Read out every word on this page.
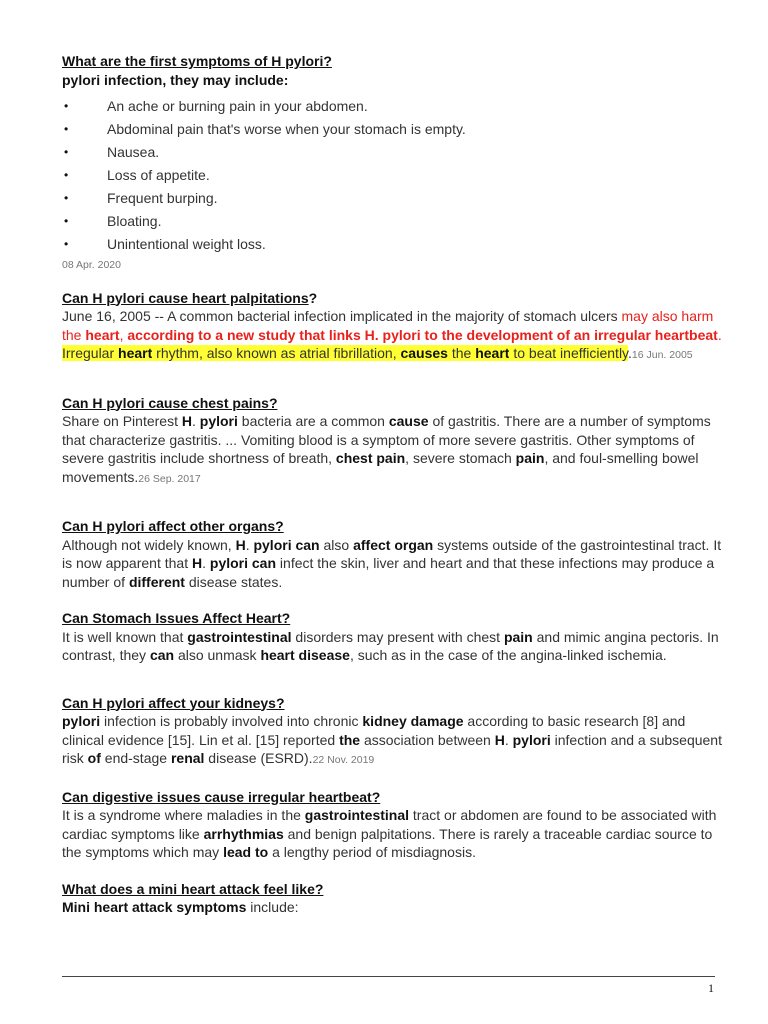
What are the first symptoms of H pylori?
pylori infection, they may include:
•	An ache or burning pain in your abdomen.
•	Abdominal pain that's worse when your stomach is empty.
•	Nausea.
•	Loss of appetite.
•	Frequent burping.
•	Bloating.
•	Unintentional weight loss.
08 Apr. 2020
Can H pylori cause heart palpitations?
June 16, 2005 -- A common bacterial infection implicated in the majority of stomach ulcers may also harm the heart, according to a new study that links H. pylori to the development of an irregular heartbeat. Irregular heart rhythm, also known as atrial fibrillation, causes the heart to beat inefficiently.16 Jun. 2005
Can H pylori cause chest pains?
Share on Pinterest H. pylori bacteria are a common cause of gastritis. There are a number of symptoms that characterize gastritis. ... Vomiting blood is a symptom of more severe gastritis. Other symptoms of severe gastritis include shortness of breath, chest pain, severe stomach pain, and foul-smelling bowel movements.26 Sep. 2017
Can H pylori affect other organs?
Although not widely known, H. pylori can also affect organ systems outside of the gastrointestinal tract. It is now apparent that H. pylori can infect the skin, liver and heart and that these infections may produce a number of different disease states.
Can Stomach Issues Affect Heart?
It is well known that gastrointestinal disorders may present with chest pain and mimic angina pectoris. In contrast, they can also unmask heart disease, such as in the case of the angina-linked ischemia.
Can H pylori affect your kidneys?
pylori infection is probably involved into chronic kidney damage according to basic research [8] and clinical evidence [15]. Lin et al. [15] reported the association between H. pylori infection and a subsequent risk of end-stage renal disease (ESRD).22 Nov. 2019
Can digestive issues cause irregular heartbeat?
It is a syndrome where maladies in the gastrointestinal tract or abdomen are found to be associated with cardiac symptoms like arrhythmias and benign palpitations. There is rarely a traceable cardiac source to the symptoms which may lead to a lengthy period of misdiagnosis.
What does a mini heart attack feel like?
Mini heart attack symptoms include:
1
